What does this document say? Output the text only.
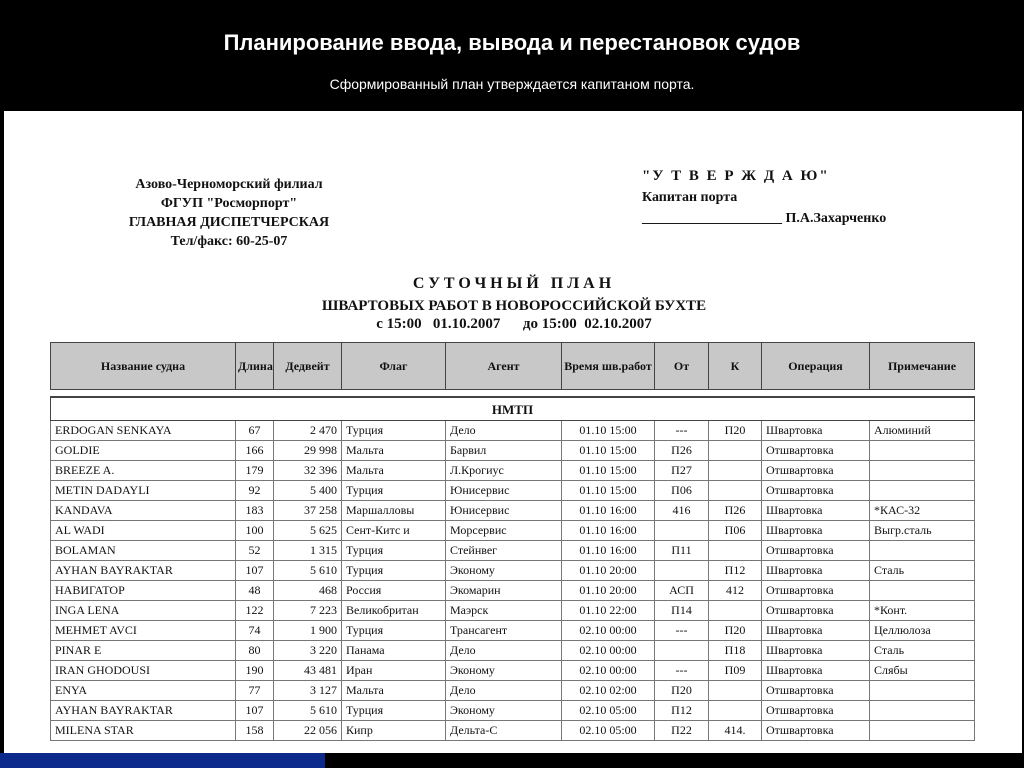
Планирование ввода, вывода и перестановок судов
Сформированный план утверждается капитаном порта.
Азово-Черноморский филиал
ФГУП "Росморпорт"
ГЛАВНАЯ ДИСПЕТЧЕРСКАЯ
Тел/факс: 60-25-07
"У Т В Е Р Ж Д А Ю"
Капитан порта
____________________ П.А.Захарченко
СУТОЧНЫЙ ПЛАН
ШВАРТОВЫХ РАБОТ В НОВОРОССИЙСКОЙ БУХТЕ
с 15:00   01.10.2007      до 15:00  02.10.2007
Название судна	Длина	Дедвейт	Флаг	Агент	Время шв.работ	От	К	Операция	Примечание

НМТП									
ERDOGAN SENKAYA	67	2 470	Турция	Дело	01.10 15:00	---	П20	Швартовка	Алюминий
GOLDIE	166	29 998	Мальта	Барвил	01.10 15:00	П26		Отшвартовка	
BREEZE A.	179	32 396	Мальта	Л.Крогиус	01.10 15:00	П27		Отшвартовка	
METIN DADAYLI	92	5 400	Турция	Юнисервис	01.10 15:00	П06		Отшвартовка	
KANDAVA	183	37 258	Маршалловы	Юнисервис	01.10 16:00	416	П26	Швартовка	*КАС-32
AL WADI	100	5 625	Сент-Китс и	Морсервис	01.10 16:00		П06	Швартовка	Выгр.сталь
BOLAMAN	52	1 315	Турция	Стейнвег	01.10 16:00	П11		Отшвартовка	
AYHAN BAYRAKTAR	107	5 610	Турция	Эконому	01.10 20:00		П12	Швартовка	Сталь
НАВИГАТОР	48	468	Россия	Экомарин	01.10 20:00	АСП	412	Отшвартовка	
INGA LENA	122	7 223	Великобритан	Маэрск	01.10 22:00	П14		Отшвартовка	*Конт.
MEHMET AVCI	74	1 900	Турция	Трансагент	02.10 00:00	---	П20	Швартовка	Целлюлоза
PINAR E	80	3 220	Панама	Дело	02.10 00:00		П18	Швартовка	Сталь
IRAN GHODOUSI	190	43 481	Иран	Эконому	02.10 00:00	---	П09	Швартовка	Слябы
ENYA	77	3 127	Мальта	Дело	02.10 02:00	П20		Отшвартовка	
AYHAN BAYRAKTAR	107	5 610	Турция	Эконому	02.10 05:00	П12		Отшвартовка	
MILENA STAR	158	22 056	Кипр	Дельта-С	02.10 05:00	П22	414.	Отшвартовка	
